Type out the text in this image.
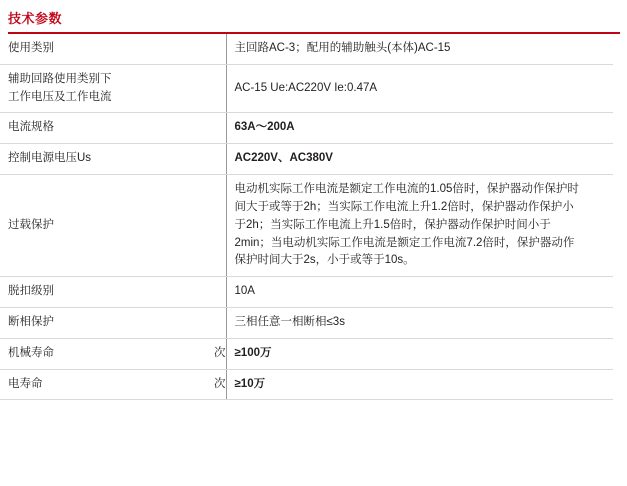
技术参数
使用类别		主回路AC-3；配用的辅助触头(本体)AC-15
辅助回路使用类别下
工作电压及工作电流		AC-15 Ue:AC220V Ie:0.47A
电流规格		63A～200A
控制电源电压Us		AC220V、AC380V
过载保护		电动机实际工作电流是额定工作电流的1.05倍时，保护器动作保护时间大于或等于2h；当实际工作电流上升1.2倍时，保护器动作保护小于2h；当实际工作电流上升1.5倍时，保护器动作保护时间小于2min；当电动机实际工作电流是额定工作电流7.2倍时，保护器动作保护时间大于2s，小于或等于10s。

脱扣级别		10A
断相保护		三相任意一相断相≤3s
机械寿命	次	≥100万
电寿命	次	≥10万
